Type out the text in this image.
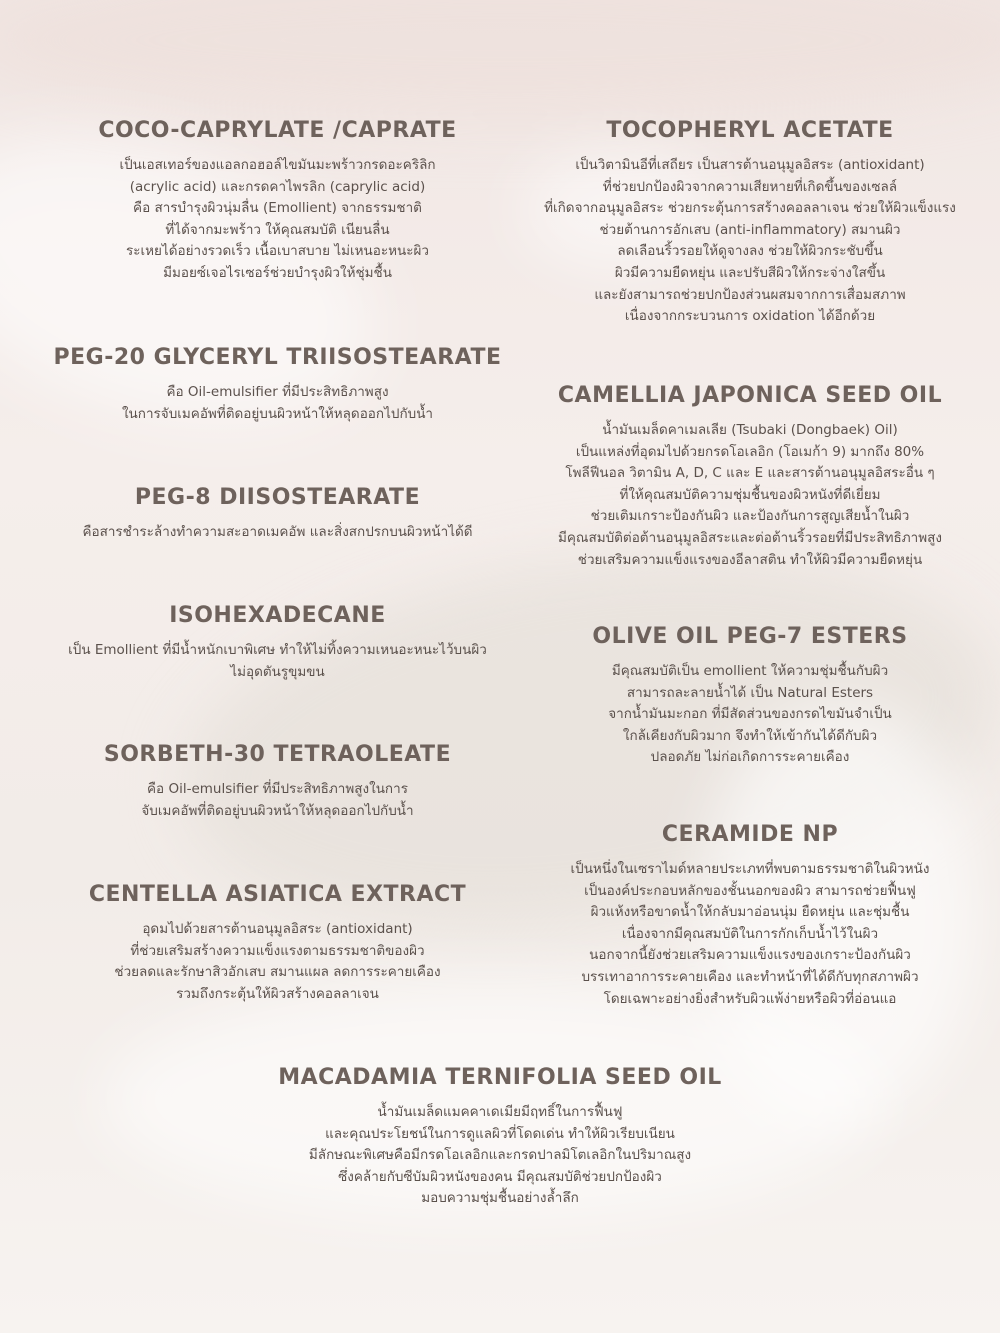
COCO-CAPRYLATE /CAPRATE
เป็นเอสเทอร์ของแอลกอฮอล์ไขมันมะพร้าวกรดอะคริลิก
(acrylic acid) และกรดคาไพรลิก (caprylic acid)
คือ สารบำรุงผิวนุ่มลื่น (Emollient) จากธรรมชาติ
ที่ได้จากมะพร้าว ให้คุณสมบัติ เนียนลื่น
ระเหยได้อย่างรวดเร็ว เนื้อเบาสบาย ไม่เหนอะหนะผิว
มีมอยซ์เจอไรเซอร์ช่วยบำรุงผิวให้ชุ่มชื้น
PEG-20 GLYCERYL TRIISOSTEARATE
คือ Oil-emulsifier ที่มีประสิทธิภาพสูง
ในการจับเมคอัพที่ติดอยู่บนผิวหน้าให้หลุดออกไปกับน้ำ
PEG-8 DIISOSTEARATE
คือสารชำระล้างทำความสะอาดเมคอัพ และสิ่งสกปรกบนผิวหน้าได้ดี
ISOHEXADECANE
เป็น Emollient ที่มีน้ำหนักเบาพิเศษ ทำให้ไม่ทิ้งความเหนอะหนะไว้บนผิว
ไม่อุดตันรูขุมขน
SORBETH-30 TETRAOLEATE
คือ Oil-emulsifier ที่มีประสิทธิภาพสูงในการ
จับเมคอัพที่ติดอยู่บนผิวหน้าให้หลุดออกไปกับน้ำ
CENTELLA ASIATICA EXTRACT
อุดมไปด้วยสารต้านอนุมูลอิสระ (antioxidant)
ที่ช่วยเสริมสร้างความแข็งแรงตามธรรมชาติของผิว
ช่วยลดและรักษาสิวอักเสบ สมานแผล ลดการระคายเคือง
รวมถึงกระตุ้นให้ผิวสร้างคอลลาเจน
TOCOPHERYL ACETATE
เป็นวิตามินอีที่เสถียร เป็นสารต้านอนุมูลอิสระ (antioxidant)
ที่ช่วยปกป้องผิวจากความเสียหายที่เกิดขึ้นของเซลล์
ที่เกิดจากอนุมูลอิสระ ช่วยกระตุ้นการสร้างคอลลาเจน ช่วยให้ผิวแข็งแรง
ช่วยต้านการอักเสบ (anti-inflammatory) สมานผิว
ลดเลือนริ้วรอยให้ดูจางลง ช่วยให้ผิวกระชับขึ้น
ผิวมีความยืดหยุ่น และปรับสีผิวให้กระจ่างใสขึ้น
และยังสามารถช่วยปกป้องส่วนผสมจากการเสื่อมสภาพ
เนื่องจากกระบวนการ oxidation ได้อีกด้วย
CAMELLIA JAPONICA SEED OIL
น้ำมันเมล็ดคาเมลเลีย (Tsubaki (Dongbaek) Oil)
เป็นแหล่งที่อุดมไปด้วยกรดโอเลอิก (โอเมก้า 9) มากถึง 80%
โพลีฟีนอล วิตามิน A, D, C และ E และสารต้านอนุมูลอิสระอื่น ๆ
ที่ให้คุณสมบัติความชุ่มชื้นของผิวหนังที่ดีเยี่ยม
ช่วยเติมเกราะป้องกันผิว และป้องกันการสูญเสียน้ำในผิว
มีคุณสมบัติต่อต้านอนุมูลอิสระและต่อต้านริ้วรอยที่มีประสิทธิภาพสูง
ช่วยเสริมความแข็งแรงของอีลาสติน ทำให้ผิวมีความยืดหยุ่น
OLIVE OIL PEG-7 ESTERS
มีคุณสมบัติเป็น emollient ให้ความชุ่มชื้นกับผิว
สามารถละลายน้ำได้ เป็น Natural Esters
จากน้ำมันมะกอก ที่มีสัดส่วนของกรดไขมันจำเป็น
ใกล้เคียงกับผิวมาก จึงทำให้เข้ากันได้ดีกับผิว
ปลอดภัย ไม่ก่อเกิดการระคายเคือง
CERAMIDE NP
เป็นหนึ่งในเซราไมด์หลายประเภทที่พบตามธรรมชาติในผิวหนัง
เป็นองค์ประกอบหลักของชั้นนอกของผิว สามารถช่วยฟื้นฟู
ผิวแห้งหรือขาดน้ำให้กลับมาอ่อนนุ่ม ยืดหยุ่น และชุ่มชื้น
เนื่องจากมีคุณสมบัติในการกักเก็บน้ำไว้ในผิว
นอกจากนี้ยังช่วยเสริมความแข็งแรงของเกราะป้องกันผิว
บรรเทาอาการระคายเคือง และทำหน้าที่ได้ดีกับทุกสภาพผิว
โดยเฉพาะอย่างยิ่งสำหรับผิวแพ้ง่ายหรือผิวที่อ่อนแอ
MACADAMIA TERNIFOLIA SEED OIL
น้ำมันเมล็ดแมคคาเดเมียมีฤทธิ์ในการฟื้นฟู
และคุณประโยชน์ในการดูแลผิวที่โดดเด่น ทำให้ผิวเรียบเนียน
มีลักษณะพิเศษคือมีกรดโอเลอิกและกรดปาลมิโตเลอิกในปริมาณสูง
ซึ่งคล้ายกับซีบัมผิวหนังของคน มีคุณสมบัติช่วยปกป้องผิว
มอบความชุ่มชื้นอย่างล้ำลึก
